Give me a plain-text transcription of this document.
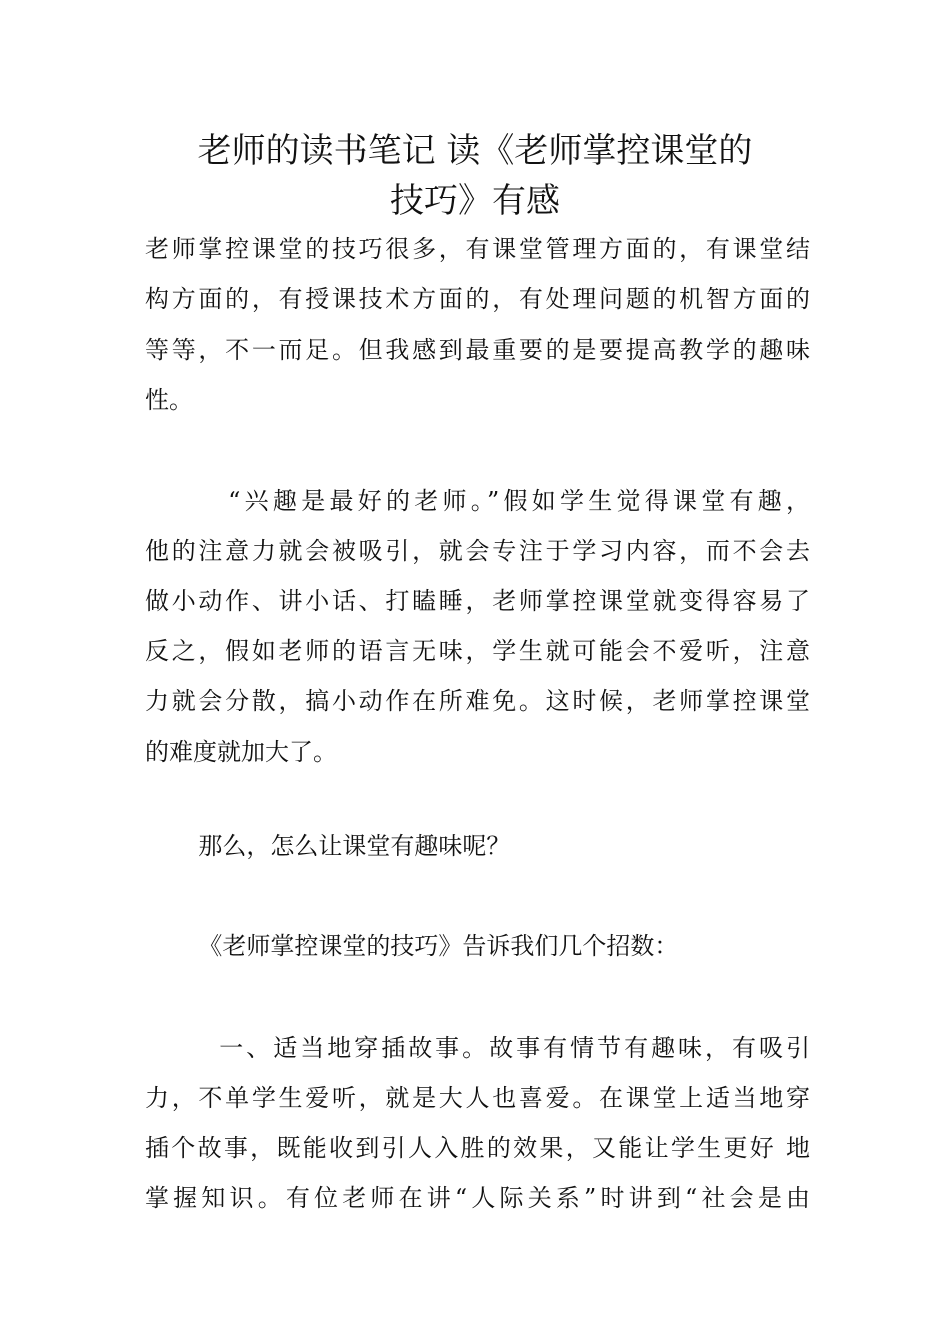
老师的读书笔记 读《老师掌控课堂的
技巧》有感

老师掌控课堂的技巧很多，有课堂管理方面的，有课堂结

构方面的，有授课技术方面的，有处理问题的机智方面的

等等，不一而足。但我感到最重要的是要提高教学的趣味

性。

“兴趣是最好的老师。”假如学生觉得课堂有趣，

他的注意力就会被吸引，就会专注于学习内容，而不会去

做小动作、讲小话、打瞌睡，老师掌控课堂就变得容易了

反之，假如老师的语言无味，学生就可能会不爱听，注意

力就会分散，搞小动作在所难免。这时候，老师掌控课堂

的难度就加大了。

那么，怎么让课堂有趣味呢？

《老师掌控课堂的技巧》告诉我们几个招数：

一、适当地穿插故事。故事有情节有趣味，有吸引

力，不单学生爱听，就是大人也喜爱。在课堂上适当地穿

插个故事，既能收到引人入胜的效果，又能让学生更好 地

掌握知识。有位老师在讲“人际关系”时讲到“社会是由
